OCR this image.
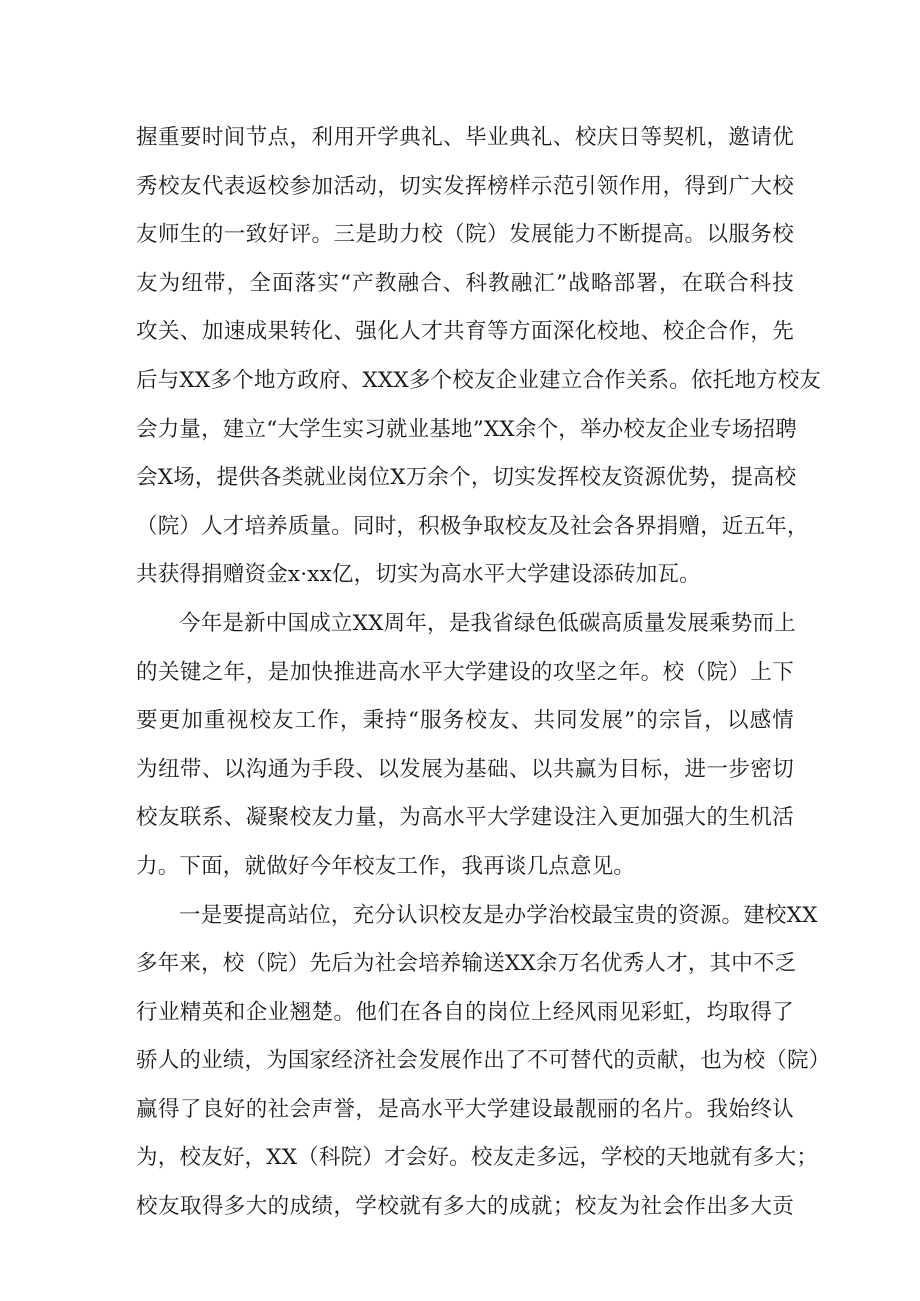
握重要时间节点，利用开学典礼、毕业典礼、校庆日等契机，邀请优
秀校友代表返校参加活动，切实发挥榜样示范引领作用，得到广大校
友师生的一致好评。三是助力校（院）发展能力不断提高。以服务校
友为纽带，全面落实“产教融合、科教融汇”战略部署，在联合科技
攻关、加速成果转化、强化人才共育等方面深化校地、校企合作，先
后与XX多个地方政府、XXX多个校友企业建立合作关系。依托地方校友
会力量，建立“大学生实习就业基地”XX余个，举办校友企业专场招聘
会X场，提供各类就业岗位X万余个，切实发挥校友资源优势，提高校
（院）人才培养质量。同时，积极争取校友及社会各界捐赠，近五年，
共获得捐赠资金x·xx亿，切实为高水平大学建设添砖加瓦。
今年是新中国成立XX周年，是我省绿色低碳高质量发展乘势而上
的关键之年，是加快推进高水平大学建设的攻坚之年。校（院）上下
要更加重视校友工作，秉持“服务校友、共同发展”的宗旨，以感情
为纽带、以沟通为手段、以发展为基础、以共赢为目标，进一步密切
校友联系、凝聚校友力量，为高水平大学建设注入更加强大的生机活
力。下面，就做好今年校友工作，我再谈几点意见。
一是要提高站位，充分认识校友是办学治校最宝贵的资源。建校XX
多年来，校（院）先后为社会培养输送XX余万名优秀人才，其中不乏
行业精英和企业翘楚。他们在各自的岗位上经风雨见彩虹，均取得了
骄人的业绩，为国家经济社会发展作出了不可替代的贡献，也为校（院）
赢得了良好的社会声誉，是高水平大学建设最靓丽的名片。我始终认
为，校友好，XX（科院）才会好。校友走多远，学校的天地就有多大；
校友取得多大的成绩，学校就有多大的成就；校友为社会作出多大贡
